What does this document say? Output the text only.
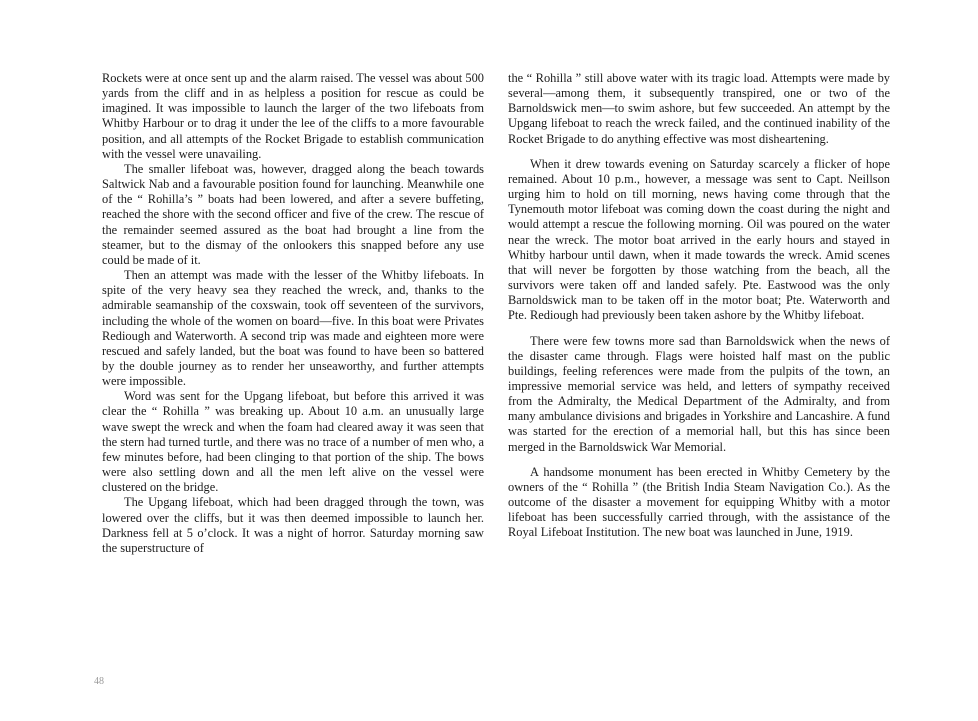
Rockets were at once sent up and the alarm raised. The vessel was about 500 yards from the cliff and in as helpless a position for rescue as could be imagined. It was impossible to launch the larger of the two lifeboats from Whitby Harbour or to drag it under the lee of the cliffs to a more favourable position, and all attempts of the Rocket Brigade to establish communication with the vessel were unavailing.

The smaller lifeboat was, however, dragged along the beach towards Saltwick Nab and a favourable position found for launching. Meanwhile one of the “ Rohilla’s ” boats had been lowered, and after a severe buffeting, reached the shore with the second officer and five of the crew. The rescue of the remainder seemed assured as the boat had brought a line from the steamer, but to the dismay of the onlookers this snapped before any use could be made of it.

Then an attempt was made with the lesser of the Whitby lifeboats. In spite of the very heavy sea they reached the wreck, and, thanks to the admirable seamanship of the coxswain, took off seventeen of the survivors, including the whole of the women on board—five. In this boat were Privates Rediough and Waterworth. A second trip was made and eighteen more were rescued and safely landed, but the boat was found to have been so battered by the double journey as to render her unseaworthy, and further attempts were impossible.

Word was sent for the Upgang lifeboat, but before this arrived it was clear the “ Rohilla ” was breaking up. About 10 a.m. an unusually large wave swept the wreck and when the foam had cleared away it was seen that the stern had turned turtle, and there was no trace of a number of men who, a few minutes before, had been clinging to that portion of the ship. The bows were also settling down and all the men left alive on the vessel were clustered on the bridge.

The Upgang lifeboat, which had been dragged through the town, was lowered over the cliffs, but it was then deemed impossible to launch her. Darkness fell at 5 o’clock. It was a night of horror. Saturday morning saw the superstructure of

the “ Rohilla ” still above water with its tragic load. Attempts were made by several—among them, it subsequently transpired, one or two of the Barnoldswick men—to swim ashore, but few succeeded. An attempt by the Upgang lifeboat to reach the wreck failed, and the continued inability of the Rocket Brigade to do anything effective was most disheartening.

When it drew towards evening on Saturday scarcely a flicker of hope remained. About 10 p.m., however, a message was sent to Capt. Neillson urging him to hold on till morning, news having come through that the Tynemouth motor lifeboat was coming down the coast during the night and would attempt a rescue the following morning. Oil was poured on the water near the wreck. The motor boat arrived in the early hours and stayed in Whitby harbour until dawn, when it made towards the wreck. Amid scenes that will never be forgotten by those watching from the beach, all the survivors were taken off and landed safely. Pte. Eastwood was the only Barnoldswick man to be taken off in the motor boat; Pte. Waterworth and Pte. Rediough had previously been taken ashore by the Whitby lifeboat.

There were few towns more sad than Barnoldswick when the news of the disaster came through. Flags were hoisted half mast on the public buildings, feeling references were made from the pulpits of the town, an impressive memorial service was held, and letters of sympathy received from the Admiralty, the Medical Department of the Admiralty, and from many ambulance divisions and brigades in Yorkshire and Lancashire. A fund was started for the erection of a memorial hall, but this has since been merged in the Barnoldswick War Memorial.

A handsome monument has been erected in Whitby Cemetery by the owners of the “ Rohilla ” (the British India Steam Navigation Co.). As the outcome of the disaster a movement for equipping Whitby with a motor lifeboat has been successfully carried through, with the assistance of the Royal Lifeboat Institution. The new boat was launched in June, 1919.

48
